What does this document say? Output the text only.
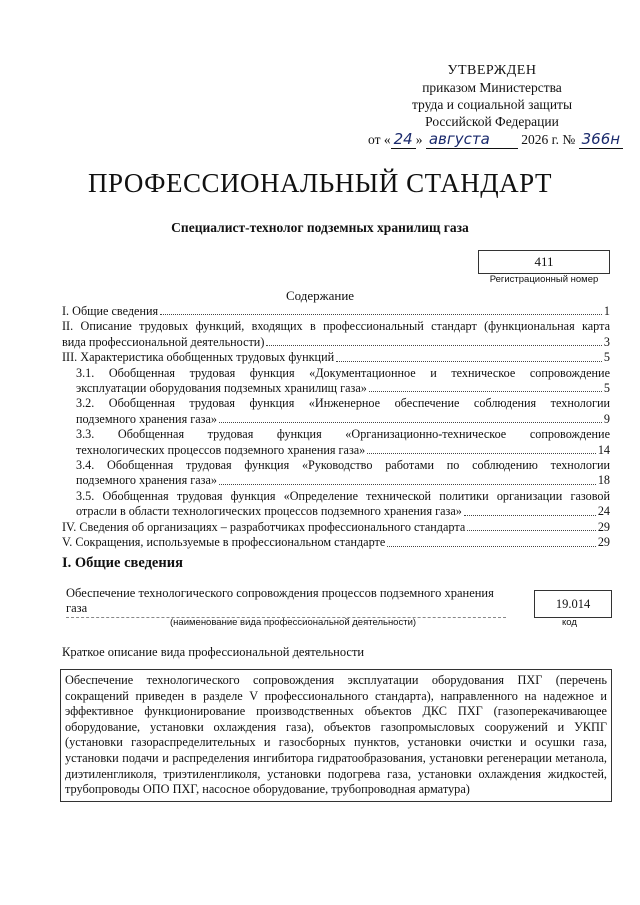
УТВЕРЖДЕН
приказом Министерства
труда и социальной защиты
Российской Федерации
от « 24 » августа 2026 г. № 366н
ПРОФЕССИОНАЛЬНЫЙ СТАНДАРТ
Специалист-технолог подземных хранилищ газа
411
Регистрационный номер
Содержание
I. Общие сведения	1
II. Описание трудовых функций, входящих в профессиональный стандарт (функциональная карта
вида профессиональной деятельности)	3
III. Характеристика обобщенных трудовых функций	5
3.1. Обобщенная трудовая функция «Документационное и техническое сопровождение
эксплуатации оборудования подземных хранилищ газа»	5
3.2. Обобщенная трудовая функция «Инженерное обеспечение соблюдения технологии
подземного хранения газа»	9
3.3. Обобщенная трудовая функция «Организационно-техническое сопровождение
технологических процессов подземного хранения газа»	14
3.4. Обобщенная трудовая функция «Руководство работами по соблюдению технологии
подземного хранения газа»	18
3.5. Обобщенная трудовая функция «Определение технической политики организации газовой
отрасли в области технологических процессов подземного хранения газа»	24
IV. Сведения об организациях – разработчиках профессионального стандарта	29
V. Сокращения, используемые в профессиональном стандарте	29
I. Общие сведения
Обеспечение технологического сопровождения процессов подземного хранения газа	19.014
(наименование вида профессиональной деятельности)	код
Краткое описание вида профессиональной деятельности
Обеспечение технологического сопровождения эксплуатации оборудования ПХГ (перечень сокращений приведен в разделе V профессионального стандарта), направленного на надежное и эффективное функционирование производственных объектов ДКС ПХГ (газоперекачивающее оборудование, установки охлаждения газа), объектов газопромысловых сооружений и УКПГ (установки газораспределительных и газосборных пунктов, установки очистки и осушки газа, установки подачи и распределения ингибитора гидратообразования, установки регенерации метанола, диэтиленгликоля, триэтиленгликоля, установки подогрева газа, установки охлаждения жидкостей, трубопроводы ОПО ПХГ, насосное оборудование, трубопроводная арматура)
